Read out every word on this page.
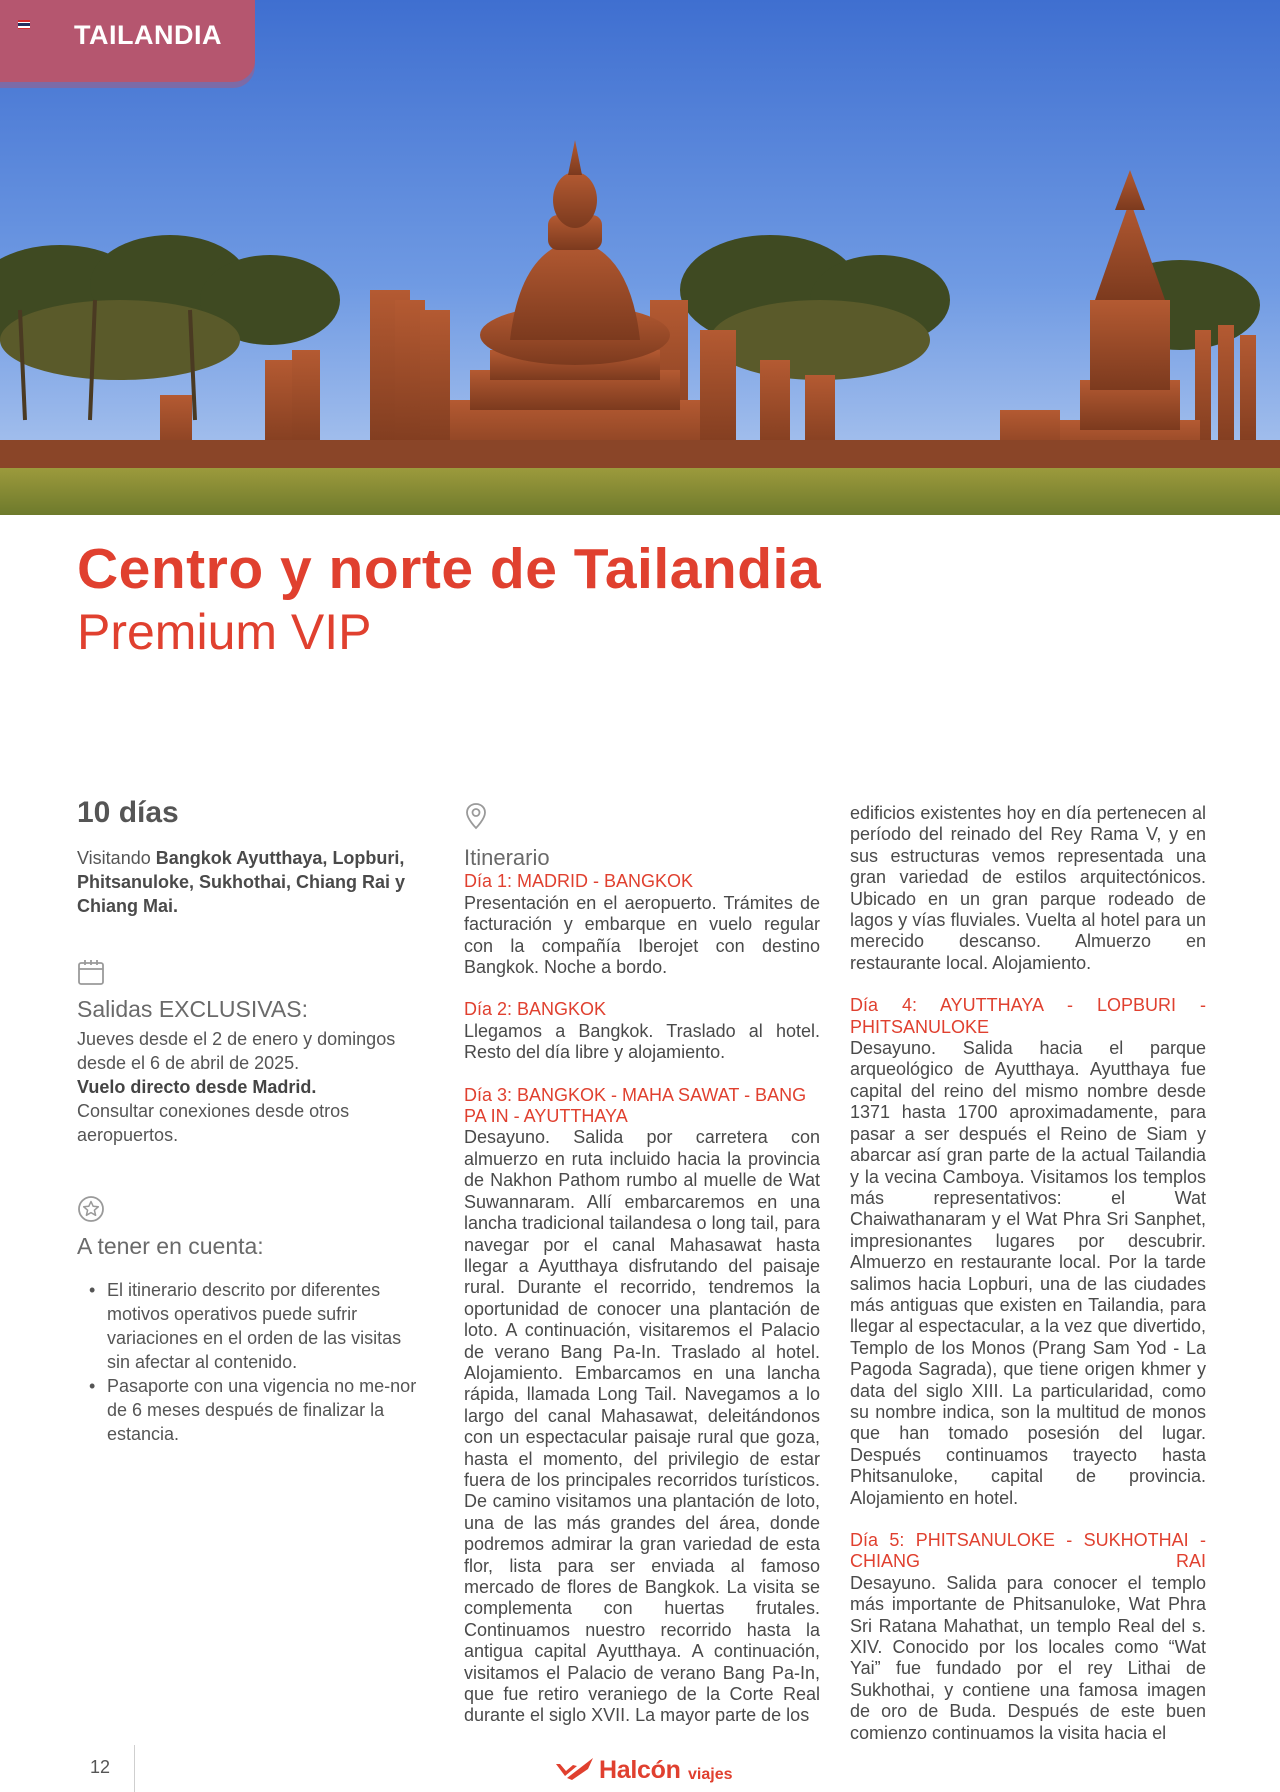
TAILANDIA
Centro y norte de Tailandia
Premium VIP
10 días

Visitando Bangkok Ayutthaya, Lopburi, Phitsanuloke, Sukhothai, Chiang Rai y Chiang Mai.

Salidas EXCLUSIVAS:

Jueves desde el 2 de enero y domingos desde el 6 de abril de 2025.

Vuelo directo desde Madrid.

Consultar conexiones desde otros aeropuertos.

A tener en cuenta:
• El itinerario descrito por diferentes motivos operativos puede sufrir variaciones en el orden de las visitas sin afectar al contenido.
• Pasaporte con una vigencia no me-nor de 6 meses después de finalizar la estancia.
Itinerario
Día 1: MADRID - BANGKOK

Presentación en el aeropuerto. Trámites de facturación y embarque en vuelo regular con la compañía Iberojet con destino Bangkok. Noche a bordo.

Día 2: BANGKOK

Llegamos a Bangkok. Traslado al hotel. Resto del día libre y alojamiento.

Día 3: BANGKOK - MAHA SAWAT - BANG PA IN - AYUTTHAYA

Desayuno. Salida por carretera con almuerzo en ruta incluido hacia la provincia de Nakhon Pathom rumbo al muelle de Wat Suwannaram. Allí embarcaremos en una lancha tradicional tailandesa o long tail, para navegar por el canal Mahasawat hasta llegar a Ayutthaya disfrutando del paisaje rural. Durante el recorrido, tendremos la oportunidad de conocer una plantación de loto. A continuación, visitaremos el Palacio de verano Bang Pa-In. Traslado al hotel. Alojamiento. Embarcamos en una lancha rápida, llamada Long Tail. Navegamos a lo largo del canal Mahasawat, deleitándonos con un espectacular paisaje rural que goza, hasta el momento, del privilegio de estar fuera de los principales recorridos turísticos. De camino visitamos una plantación de loto, una de las más grandes del área, donde podremos admirar la gran variedad de esta flor, lista para ser enviada al famoso mercado de flores de Bangkok. La visita se complementa con huertas frutales. Continuamos nuestro recorrido hasta la antigua capital Ayutthaya. A continuación, visitamos el Palacio de verano Bang Pa-In, que fue retiro veraniego de la Corte Real durante el siglo XVII. La mayor parte de los

edificios existentes hoy en día pertenecen al período del reinado del Rey Rama V, y en sus estructuras vemos representada una gran variedad de estilos arquitectónicos. Ubicado en un gran parque rodeado de lagos y vías fluviales. Vuelta al hotel para un merecido descanso. Almuerzo en restaurante local. Alojamiento.

Día 4: AYUTTHAYA - LOPBURI - PHITSANULOKE

Desayuno. Salida hacia el parque arqueológico de Ayutthaya. Ayutthaya fue capital del reino del mismo nombre desde 1371 hasta 1700 aproximadamente, para pasar a ser después el Reino de Siam y abarcar así gran parte de la actual Tailandia y la vecina Camboya. Visitamos los templos más representativos: el Wat Chaiwathanaram y el Wat Phra Sri Sanphet, impresionantes lugares por descubrir. Almuerzo en restaurante local. Por la tarde salimos hacia Lopburi, una de las ciudades más antiguas que existen en Tailandia, para llegar al espectacular, a la vez que divertido, Templo de los Monos (Prang Sam Yod - La Pagoda Sagrada), que tiene origen khmer y data del siglo XIII. La particularidad, como su nombre indica, son la multitud de monos que han tomado posesión del lugar. Después continuamos trayecto hasta Phitsanuloke, capital de provincia. Alojamiento en hotel.

Día 5: PHITSANULOKE - SUKHOTHAI - CHIANG RAI

Desayuno. Salida para conocer el templo más importante de Phitsanuloke, Wat Phra Sri Ratana Mahathat, un templo Real del s. XIV. Conocido por los locales como “Wat Yai” fue fundado por el rey Lithai de Sukhothai, y contiene una famosa imagen de oro de Buda. Después de este buen comienzo continuamos la visita hacia el

12	Halcón viajes
